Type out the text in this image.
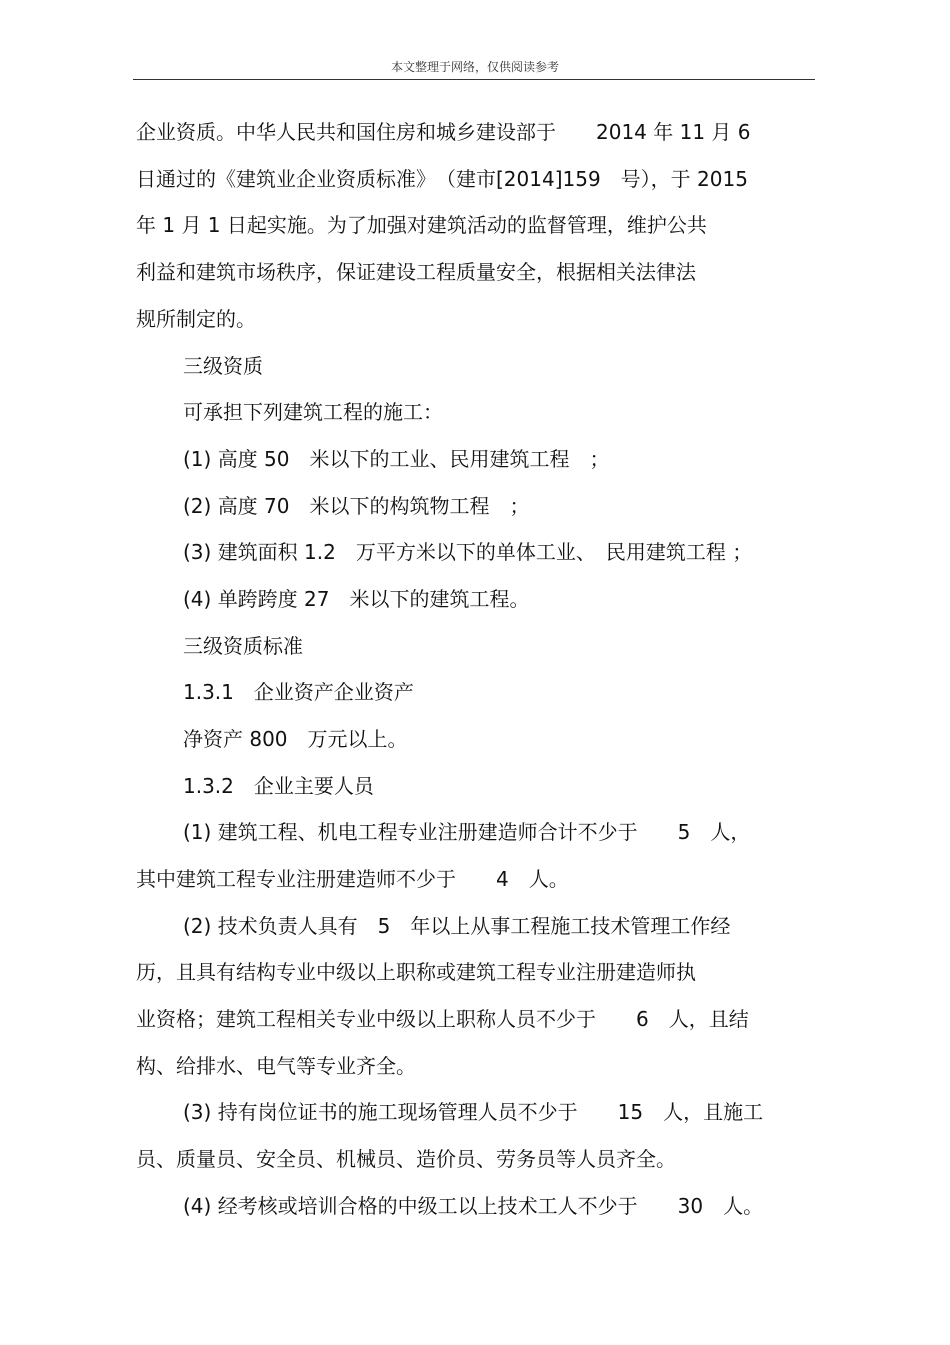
本文整理于网络，仅供阅读参考
企业资质。中华人民共和国住房和城乡建设部于　　2014 年 11 月 6
日通过的《建筑业企业资质标准》　（建市[2014]159　号），于 2015
年 1 月 1 日起实施。为了加强对建筑活动的监督管理，维护公共
利益和建筑市场秩序，保证建设工程质量安全，根据相关法律法
规所制定的。
三级资质
可承担下列建筑工程的施工：
(1) 高度 50　米以下的工业、民用建筑工程　；
(2) 高度 70　米以下的构筑物工程　；
(3) 建筑面积 1.2　万平方米以下的单体工业、　民用建筑工程 ；
(4) 单跨跨度 27　米以下的建筑工程。
三级资质标准
1.3.1　企业资产企业资产
净资产 800　万元以上。
1.3.2　企业主要人员
(1) 建筑工程、机电工程专业注册建造师合计不少于　　5　人，
其中建筑工程专业注册建造师不少于　　4　人。
(2) 技术负责人具有　5　年以上从事工程施工技术管理工作经
历，且具有结构专业中级以上职称或建筑工程专业注册建造师执
业资格；建筑工程相关专业中级以上职称人员不少于　　6　人，且结
构、给排水、电气等专业齐全。
(3) 持有岗位证书的施工现场管理人员不少于　　15　人，且施工
员、质量员、安全员、机械员、造价员、劳务员等人员齐全。
(4) 经考核或培训合格的中级工以上技术工人不少于　　30　人。
